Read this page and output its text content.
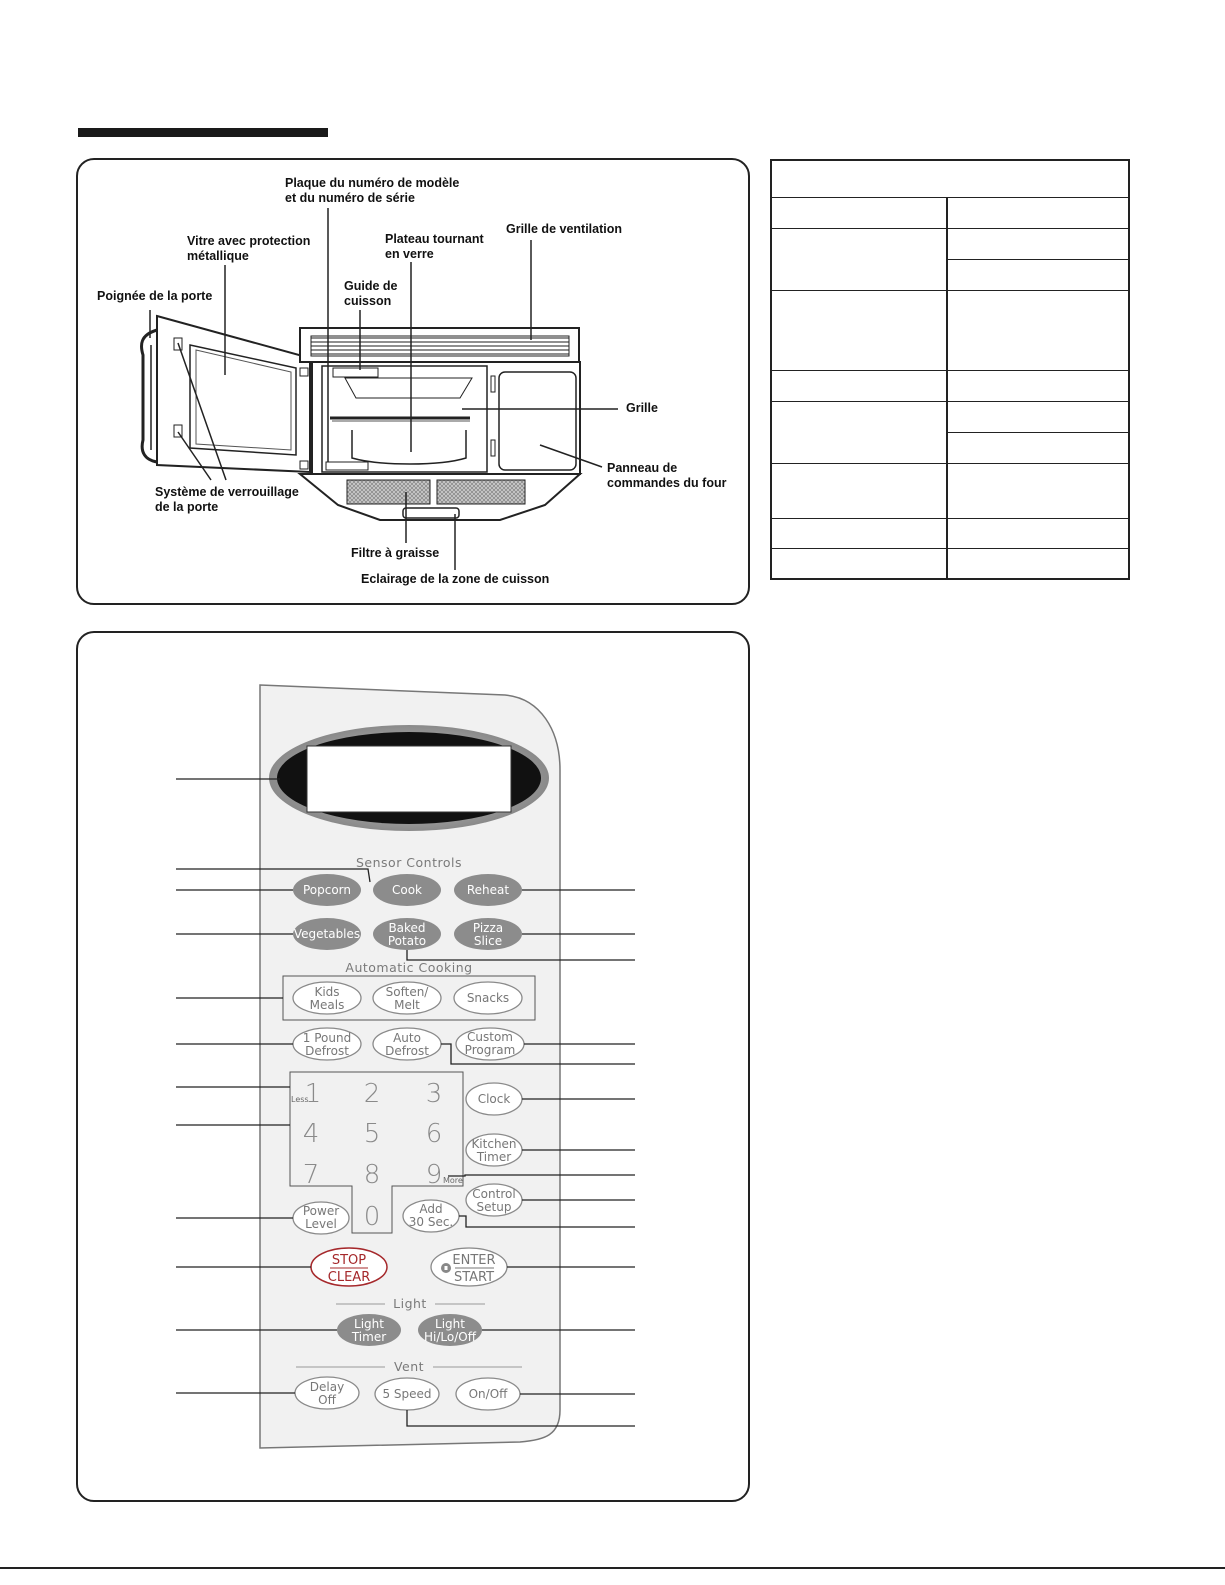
Plaque du numéro de modèle
et du numéro de série
Vitre avec protection
métallique
Plateau tournant
en verre
Grille de ventilation
Poignée de la porte
Guide de
cuisson
Grille
Panneau de
commandes du four
Système de verrouillage
de la porte
Filtre à graisse
Eclairage de la zone de cuisson
Sensor Controls
Automatic Cooking
Light
Vent
Popcorn	Cook	Reheat
Vegetables Baked
Potato
Pizza
Slice
Kids
Meals
Soften/
Melt	Snacks
1 Pound
Defrost
Auto
Defrost
Custom
Program
1 2 3
4 5 6
7 8 9
0
Less
More
Clock
Kitchen
Timer
Control
Setup
Power
Level
Add
30 Sec.
STOP
CLEAR
ENTER
START
Light
Timer
Light
Hi/Lo/Off
Delay
Off	5 Speed	On/Off
